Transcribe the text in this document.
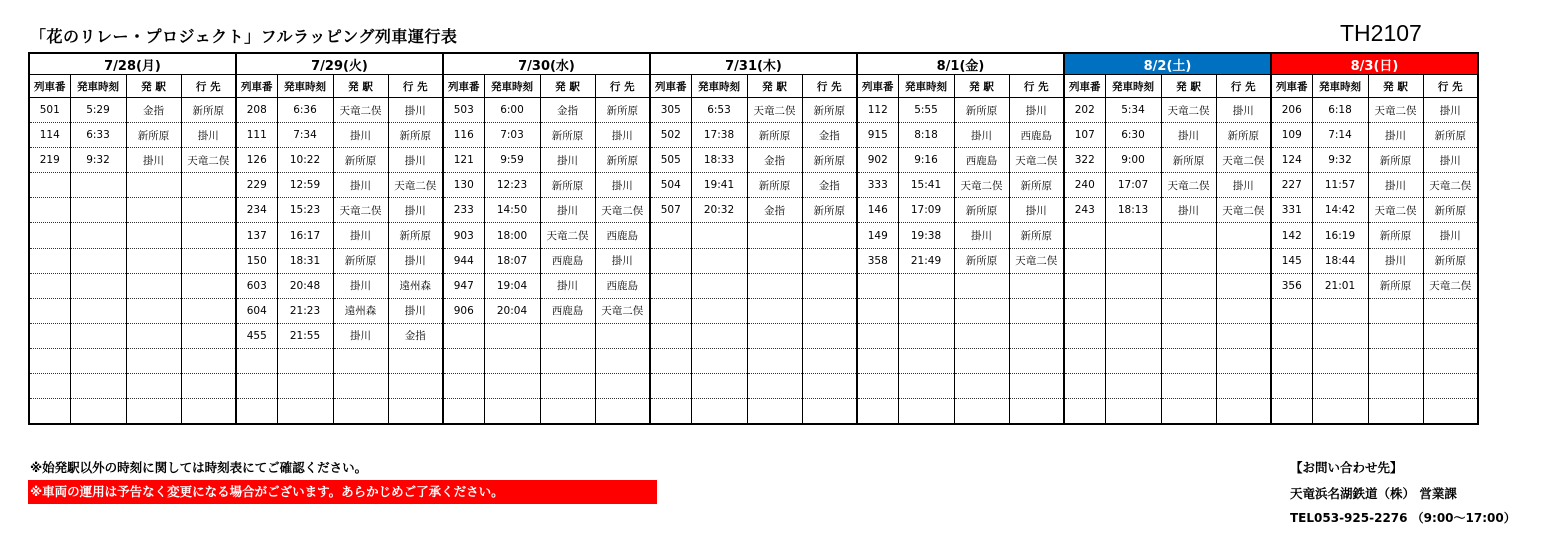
「花のリレー・プロジェクト」フルラッピング列車運行表	TH2107
7/28(月)				7/29(火)				7/30(水)				7/31(木)				8/1(金)				8/2(土)				8/3(日)			
列車番	発車時刻	発 駅	行 先	列車番	発車時刻	発 駅	行 先	列車番	発車時刻	発 駅	行 先	列車番	発車時刻	発 駅	行 先	列車番	発車時刻	発 駅	行 先	列車番	発車時刻	発 駅	行 先	列車番	発車時刻	発 駅	行 先
501	5:29	金指	新所原	208	6:36	天竜二俣	掛川	503	6:00	金指	新所原	305	6:53	天竜二俣	新所原	112	5:55	新所原	掛川	202	5:34	天竜二俣	掛川	206	6:18	天竜二俣	掛川
114	6:33	新所原	掛川	111	7:34	掛川	新所原	116	7:03	新所原	掛川	502	17:38	新所原	金指	915	8:18	掛川	西鹿島	107	6:30	掛川	新所原	109	7:14	掛川	新所原
219	9:32	掛川	天竜二俣	126	10:22	新所原	掛川	121	9:59	掛川	新所原	505	18:33	金指	新所原	902	9:16	西鹿島	天竜二俣	322	9:00	新所原	天竜二俣	124	9:32	新所原	掛川
				229	12:59	掛川	天竜二俣	130	12:23	新所原	掛川	504	19:41	新所原	金指	333	15:41	天竜二俣	新所原	240	17:07	天竜二俣	掛川	227	11:57	掛川	天竜二俣
				234	15:23	天竜二俣	掛川	233	14:50	掛川	天竜二俣	507	20:32	金指	新所原	146	17:09	新所原	掛川	243	18:13	掛川	天竜二俣	331	14:42	天竜二俣	新所原
				137	16:17	掛川	新所原	903	18:00	天竜二俣	西鹿島					149	19:38	掛川	新所原					142	16:19	新所原	掛川
				150	18:31	新所原	掛川	944	18:07	西鹿島	掛川					358	21:49	新所原	天竜二俣					145	18:44	掛川	新所原
				603	20:48	掛川	遠州森	947	19:04	掛川	西鹿島													356	21:01	新所原	天竜二俣
				604	21:23	遠州森	掛川	906	20:04	西鹿島	天竜二俣																
				455	21:55	掛川	金指																				

※始発駅以外の時刻に関しては時刻表にてご確認ください。
※車両の運用は予告なく変更になる場合がございます。あらかじめご了承ください。
【お問い合わせ先】
天竜浜名湖鉄道（株） 営業課
TEL053-925-2276 （9:00～17:00）
